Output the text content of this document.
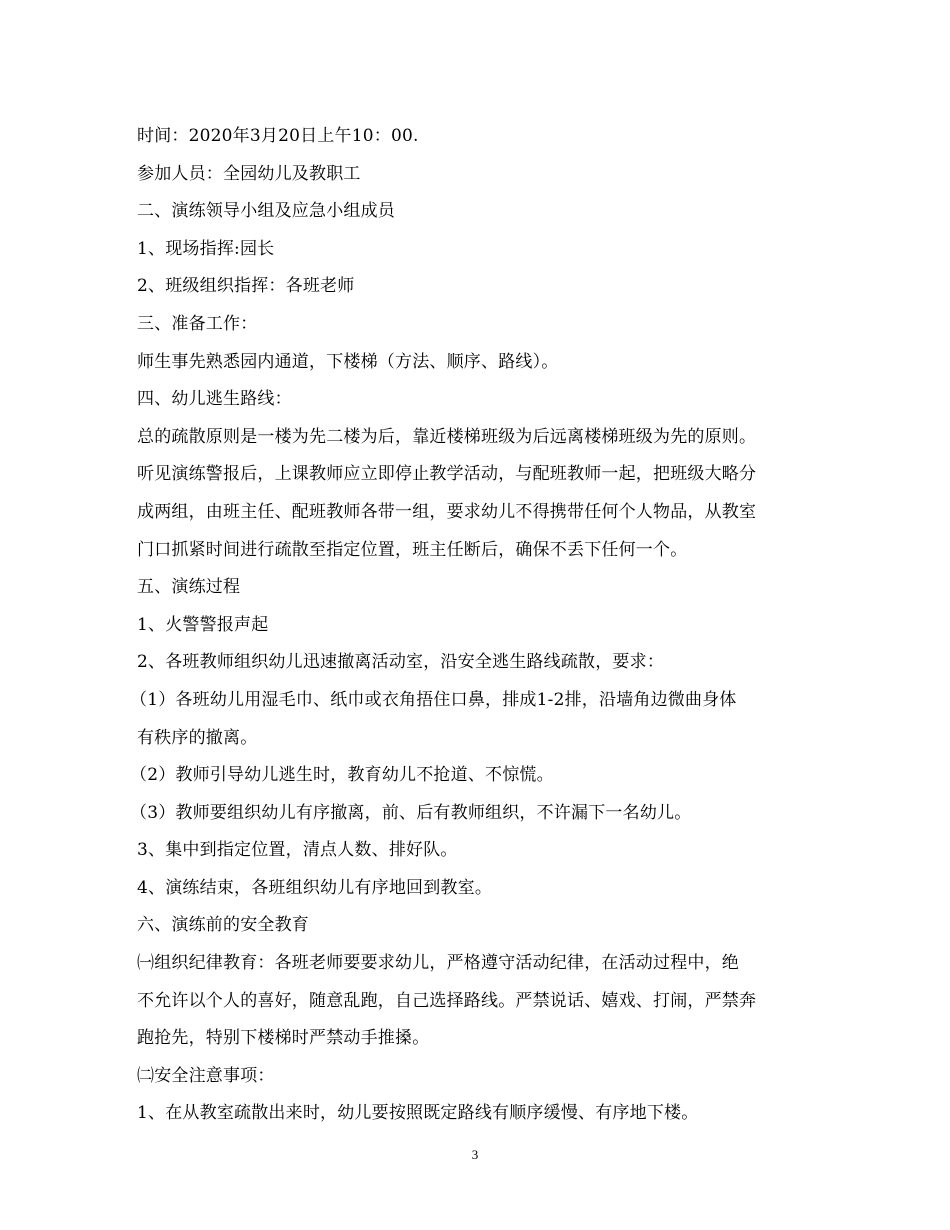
时间：2020年3月20日上午10：00.
参加人员：全园幼儿及教职工
二、演练领导小组及应急小组成员
1、现场指挥:园长
2、班级组织指挥：各班老师
三、准备工作：
师生事先熟悉园内通道，下楼梯（方法、顺序、路线）。
四、幼儿逃生路线：
总的疏散原则是一楼为先二楼为后，靠近楼梯班级为后远离楼梯班级为先的原则。
听见演练警报后，上课教师应立即停止教学活动，与配班教师一起，把班级大略分
成两组，由班主任、配班教师各带一组，要求幼儿不得携带任何个人物品，从教室
门口抓紧时间进行疏散至指定位置，班主任断后，确保不丢下任何一个。
五、演练过程
1、火警警报声起
2、各班教师组织幼儿迅速撤离活动室，沿安全逃生路线疏散，要求：
（1）各班幼儿用湿毛巾、纸巾或衣角捂住口鼻，排成1-2排，沿墙角边微曲身体
有秩序的撤离。
（2）教师引导幼儿逃生时，教育幼儿不抢道、不惊慌。
（3）教师要组织幼儿有序撤离，前、后有教师组织，不许漏下一名幼儿。
3、集中到指定位置，清点人数、排好队。
4、演练结束，各班组织幼儿有序地回到教室。
六、演练前的安全教育
㈠组织纪律教育：各班老师要要求幼儿，严格遵守活动纪律，在活动过程中，绝
不允许以个人的喜好，随意乱跑，自己选择路线。严禁说话、嬉戏、打闹，严禁奔
跑抢先，特别下楼梯时严禁动手推搡。
㈡安全注意事项：
1、在从教室疏散出来时，幼儿要按照既定路线有顺序缓慢、有序地下楼。
3
